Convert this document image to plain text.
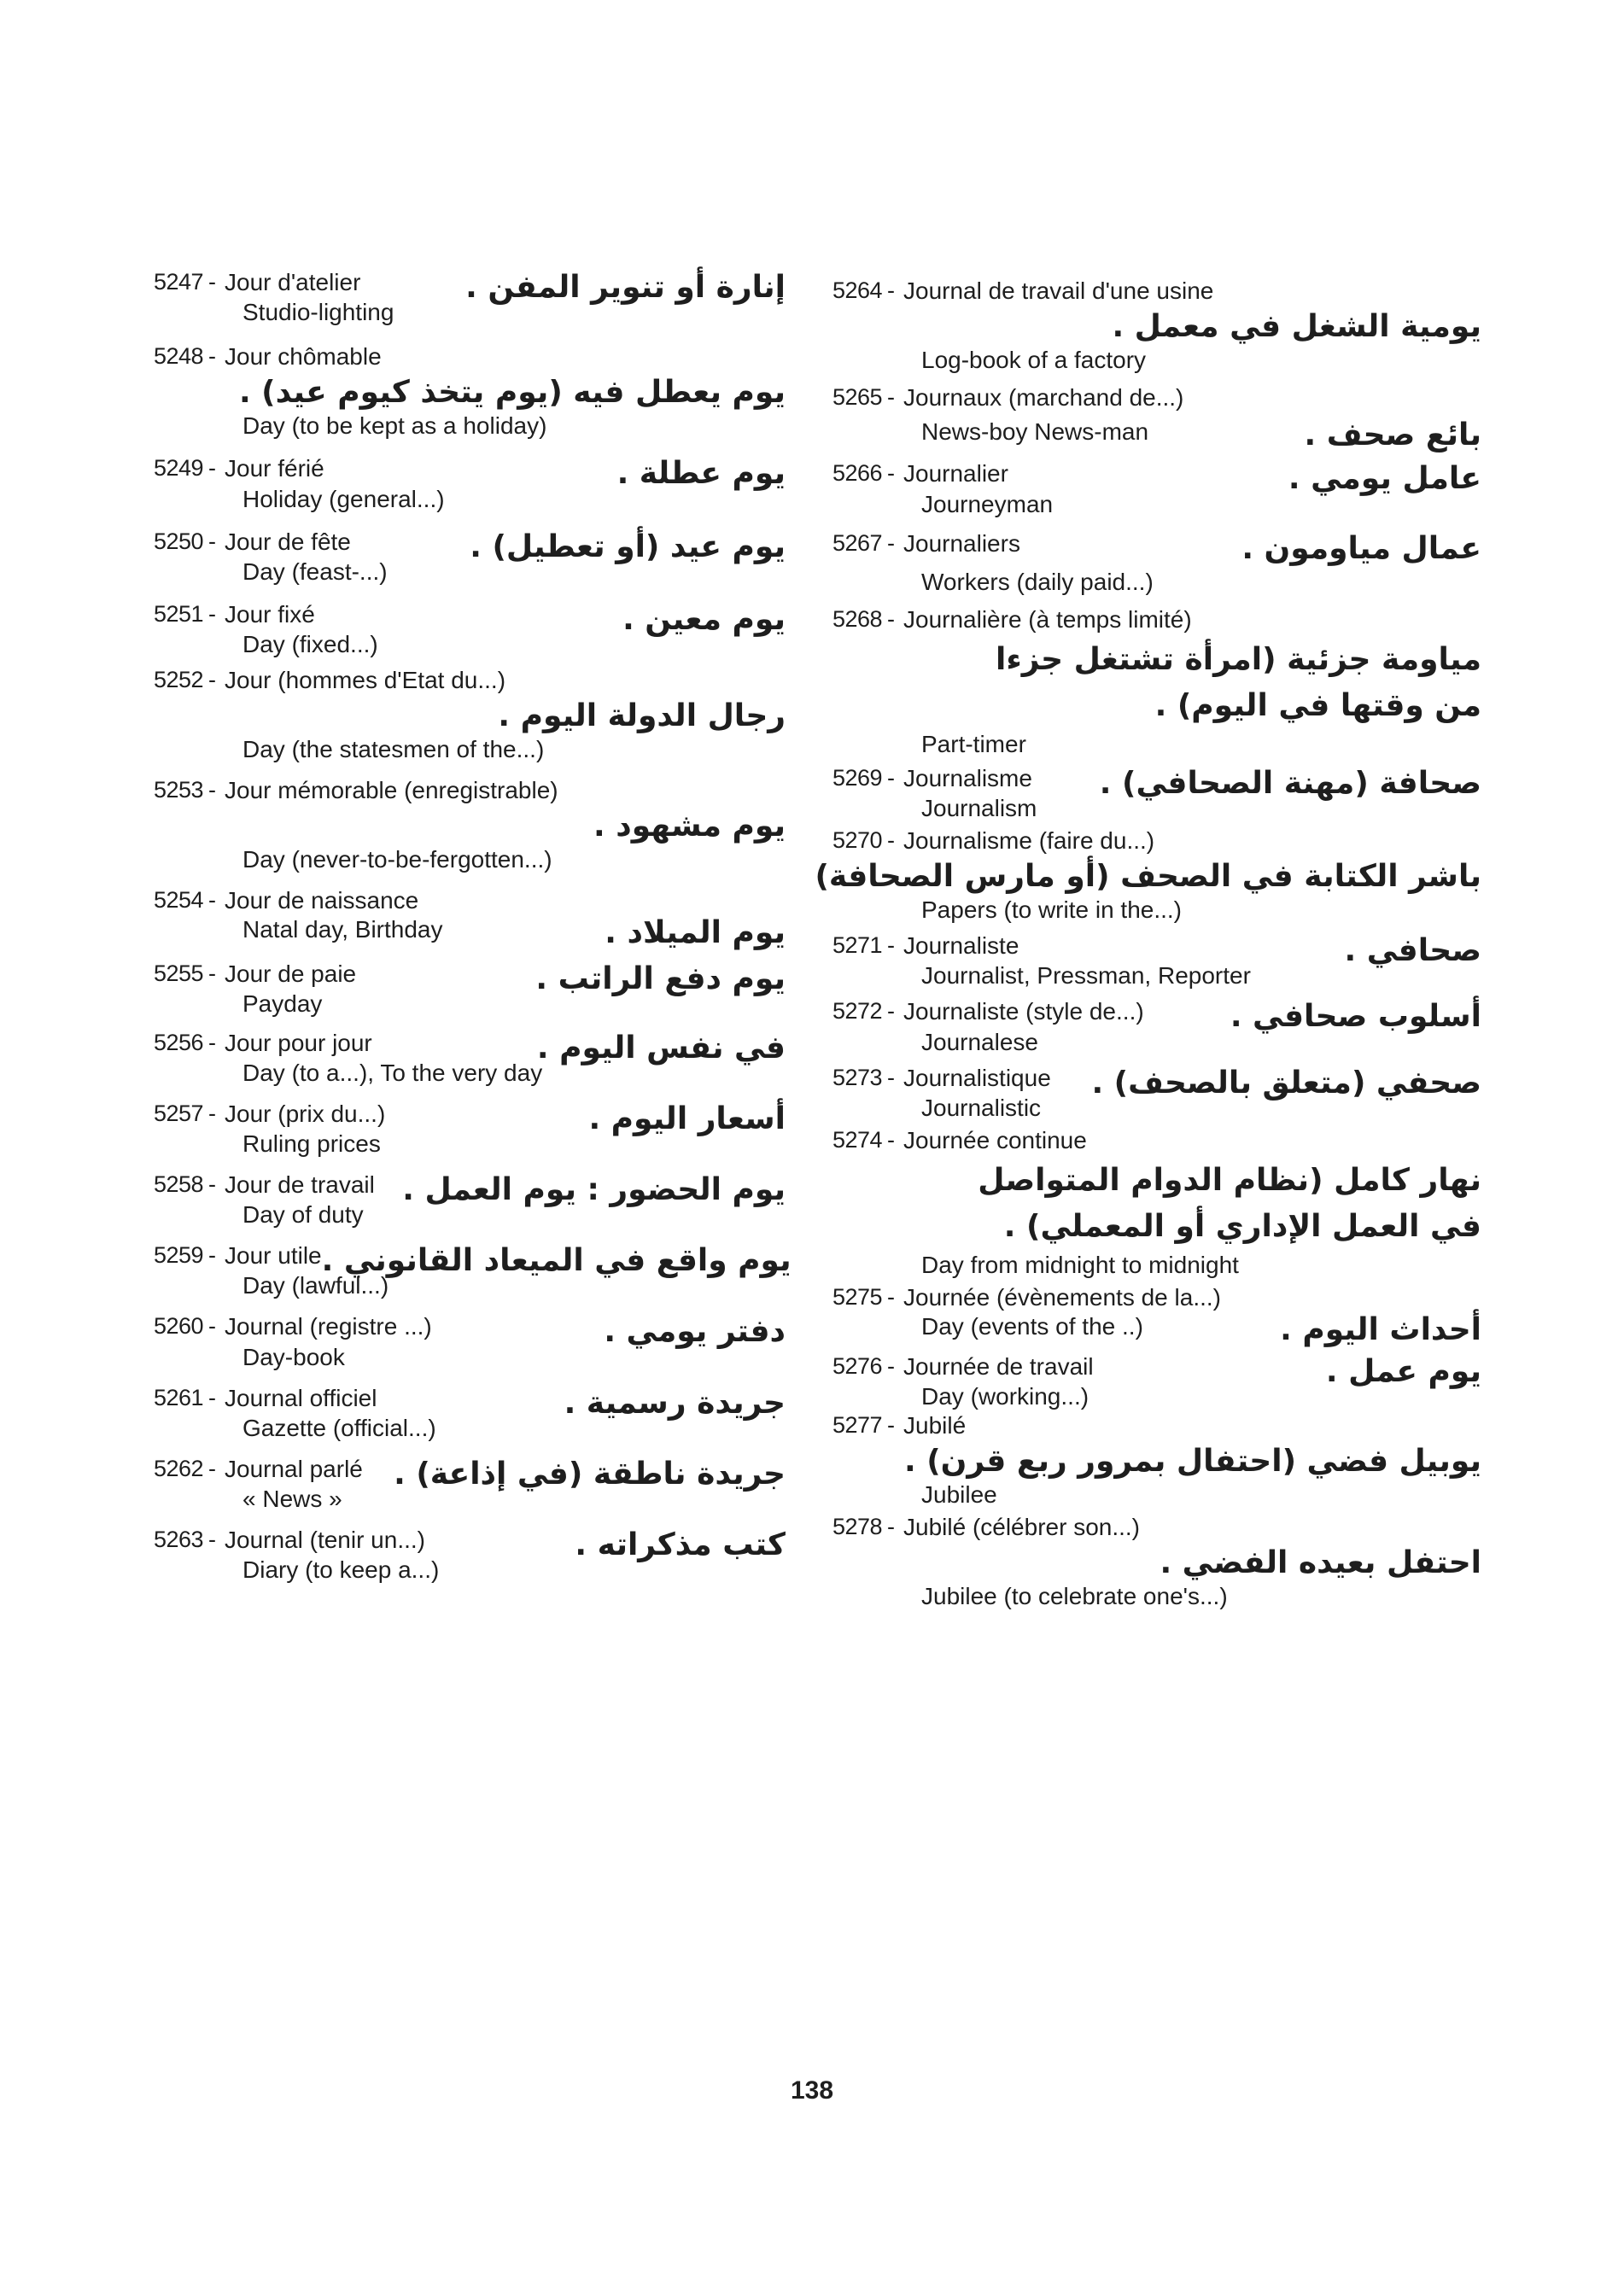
5247 - Jour d'atelier	إنارة أو تنوير المفن .
Studio-lighting
5248 - Jour chômable
يوم يعطل فيه (يوم يتخذ كيوم عيد) .
Day (to be kept as a holiday)
5249 - Jour férié	يوم عطلة .
Holiday (general...)
5250 - Jour de fête	يوم عيد (أو تعطيل) .
Day (feast-...)
5251 - Jour fixé	يوم معين .
Day (fixed...)
5252 - Jour (hommes d'Etat du...)
رجال الدولة اليوم .
Day (the statesmen of the...)
5253 - Jour mémorable (enregistrable)
يوم مشهود .
Day (never-to-be-fergotten...)
5254 - Jour de naissance
Natal day, Birthday	يوم الميلاد .
5255 - Jour de paie	يوم دفع الراتب .
Payday
5256 - Jour pour jour	في نفس اليوم .
Day (to a...), To the very day
5257 - Jour (prix du...)	أسعار اليوم .
Ruling prices
5258 - Jour de travail يوم الحضور : يوم العمل .
Day of duty
5259 - Jour utile يوم واقع في الميعاد القانوني .
Day (lawful...)
5260 - Journal (registre ...)	دفتر يومي .
Day-book
5261 - Journal officiel	جريدة رسمية .
Gazette (official...)
5262 - Journal parlé	جريدة ناطقة (في إذاعة) .
« News »
5263 - Journal (tenir un...)	كتب مذكراته .
Diary (to keep a...)
5264 - Journal de travail d'une usine
يومية الشغل في معمل .
Log-book of a factory
5265 - Journaux (marchand de...)
News-boy News-man	بائع صحف .
5266 - Journalier	عامل يومي .
Journeyman
5267 - Journaliers	عمال مياومون .
Workers (daily paid...)
5268 - Journalière (à temps limité)
مياومة جزئية (امرأة تشتغل جزءا من وقتها في اليوم) .
Part-timer
5269 - Journalisme	صحافة (مهنة الصحافي) .
Journalism
5270 - Journalisme (faire du...)
باشر الكتابة في الصحف (أو مارس الصحافة)
Papers (to write in the...)
5271 - Journaliste	صحافي .
Journalist, Pressman, Reporter
5272 - Journaliste (style de...)	أسلوب صحافي .
Journalese
5273 - Journalistique	صحفي (متعلق بالصحف) .
Journalistic
5274 - Journée continue
نهار كامل (نظام الدوام المتواصل في العمل الإداري أو المعملي) .
Day from midnight to midnight
5275 - Journée (évènements de la...)
Day (events of the ..)	أحداث اليوم .
5276 - Journée de travail	يوم عمل .
Day (working...)
5277 - Jubilé
يوبيل فضي (احتفال بمرور ربع قرن) .
Jubilee
5278 - Jubilé (célébrer son...)
احتفل بعيده الفضي .
Jubilee (to celebrate one's...)
138
